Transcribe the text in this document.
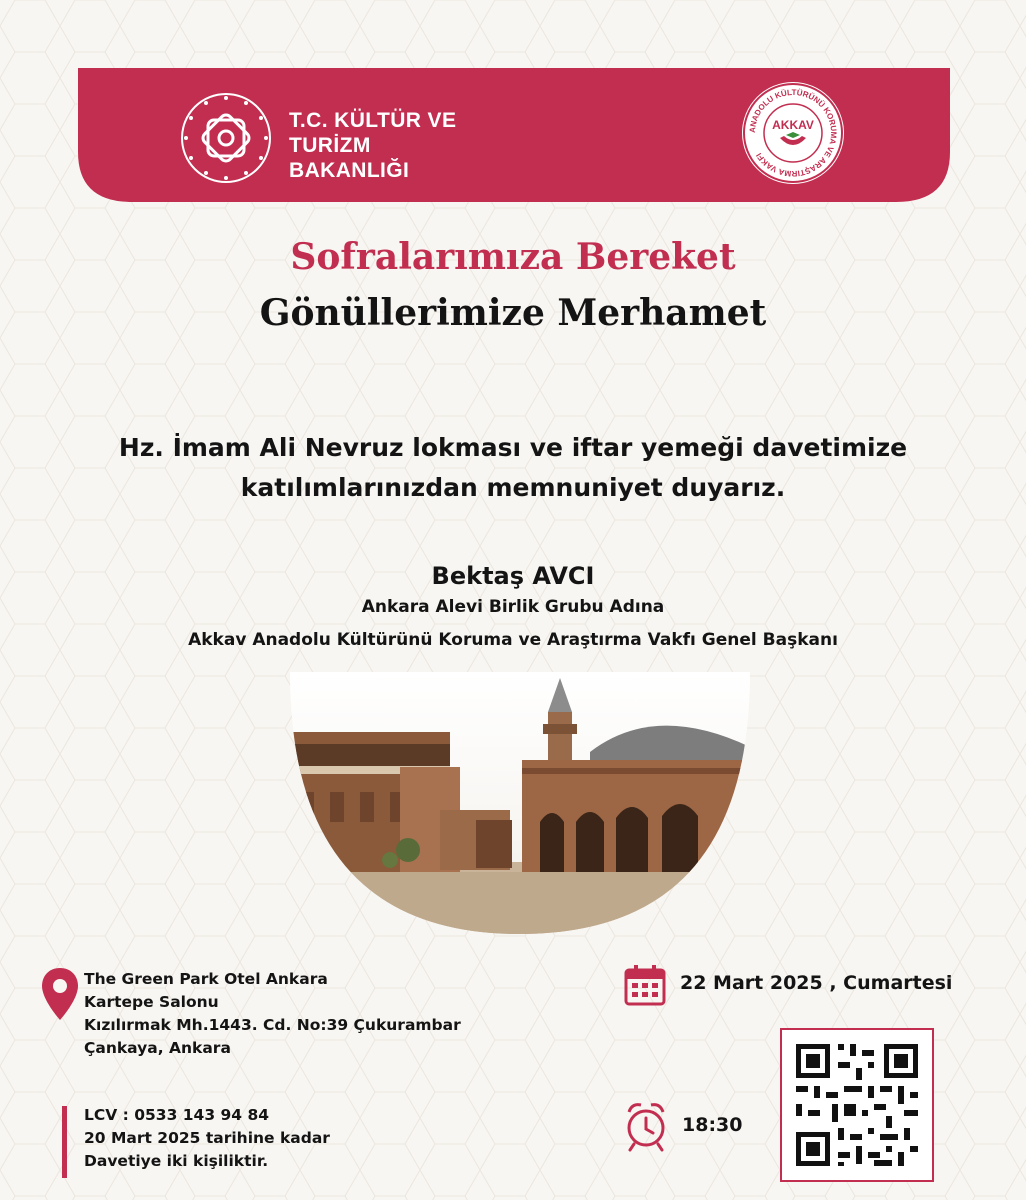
T.C. KÜLTÜR VE TURİZM
BAKANLIĞI
ANADOLU KÜLTÜRÜNÜ KORUMA VE ARAŞTIRMA VAKFI
AKKAV
Sofralarımıza Bereket
Gönüllerimize Merhamet
Hz. İmam Ali Nevruz lokması ve iftar yemeği davetimize
katılımlarınızdan memnuniyet duyarız.
Bektaş AVCI
Ankara Alevi Birlik Grubu Adına
Akkav Anadolu Kültürünü Koruma ve Araştırma Vakfı Genel Başkanı
The Green Park Otel Ankara
Kartepe Salonu
Kızılırmak Mh.1443. Cd. No:39 Çukurambar
Çankaya, Ankara
LCV : 0533 143 94 84
20 Mart 2025 tarihine kadar
Davetiye iki kişiliktir.
22 Mart 2025 , Cumartesi
18:30
